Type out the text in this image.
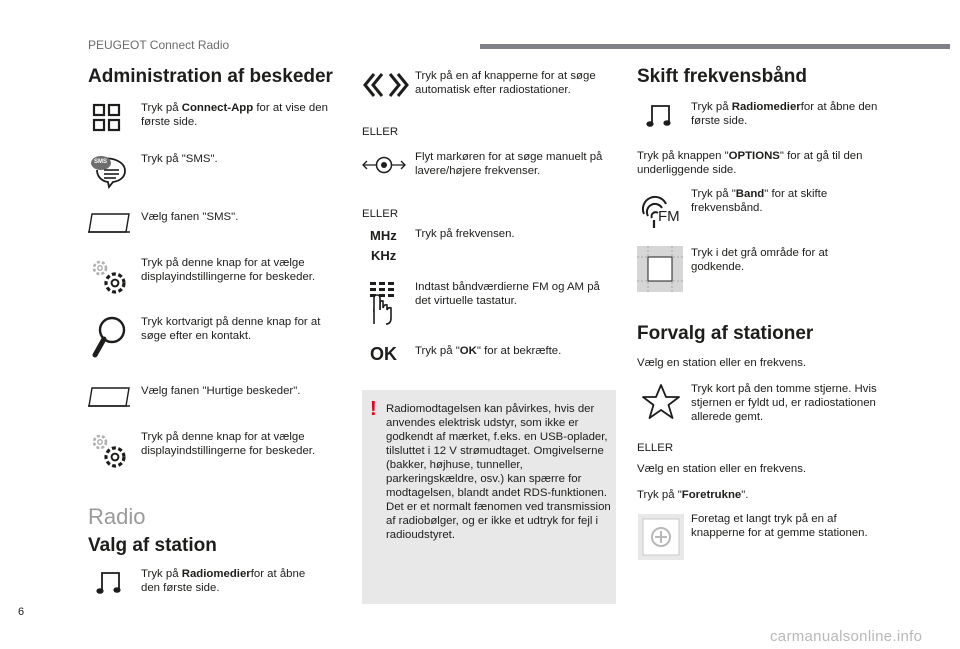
PEUGEOT Connect Radio
Administration af beskeder
Tryk på Connect-App for at vise den første side.
SMS	Tryk på "SMS".
Vælg fanen "SMS".
Tryk på denne knap for at vælge displayindstillingerne for beskeder.
Tryk kortvarigt på denne knap for at søge efter en kontakt.
Vælg fanen "Hurtige beskeder".
Tryk på denne knap for at vælge displayindstillingerne for beskeder.
Radio
Valg af station
Tryk på Radiomedierfor at åbne den første side.
Tryk på en af knapperne for at søge automatisk efter radiostationer.
ELLER
Flyt markøren for at søge manuelt på lavere/højere frekvenser.
ELLER
MHz
KHz
Tryk på frekvensen.
Indtast båndværdierne FM og AM på det virtuelle tastatur.
OK Tryk på "OK" for at bekræfte.
! Radiomodtagelsen kan påvirkes, hvis der anvendes elektrisk udstyr, som ikke er godkendt af mærket, f.eks. en USB-oplader, tilsluttet i 12 V strømudtaget. Omgivelserne (bakker, højhuse, tunneller, parkeringskældre, osv.) kan spærre for modtagelsen, blandt andet RDS-funktionen. Det er et normalt fænomen ved transmission af radiobølger, og er ikke et udtryk for fejl i radioudstyret.
Skift frekvensbånd
Tryk på Radiomedierfor at åbne den første side.
Tryk på knappen "OPTIONS" for at gå til den underliggende side.
FM
Tryk på "Band" for at skifte frekvensbånd.
Tryk i det grå område for at godkende.
Forvalg af stationer
Vælg en station eller en frekvens.
Tryk kort på den tomme stjerne. Hvis stjernen er fyldt ud, er radiostationen allerede gemt.
ELLER
Vælg en station eller en frekvens.
Tryk på "Foretrukne".
Foretag et langt tryk på en af knapperne for at gemme stationen.
6
carmanualsonline.info
